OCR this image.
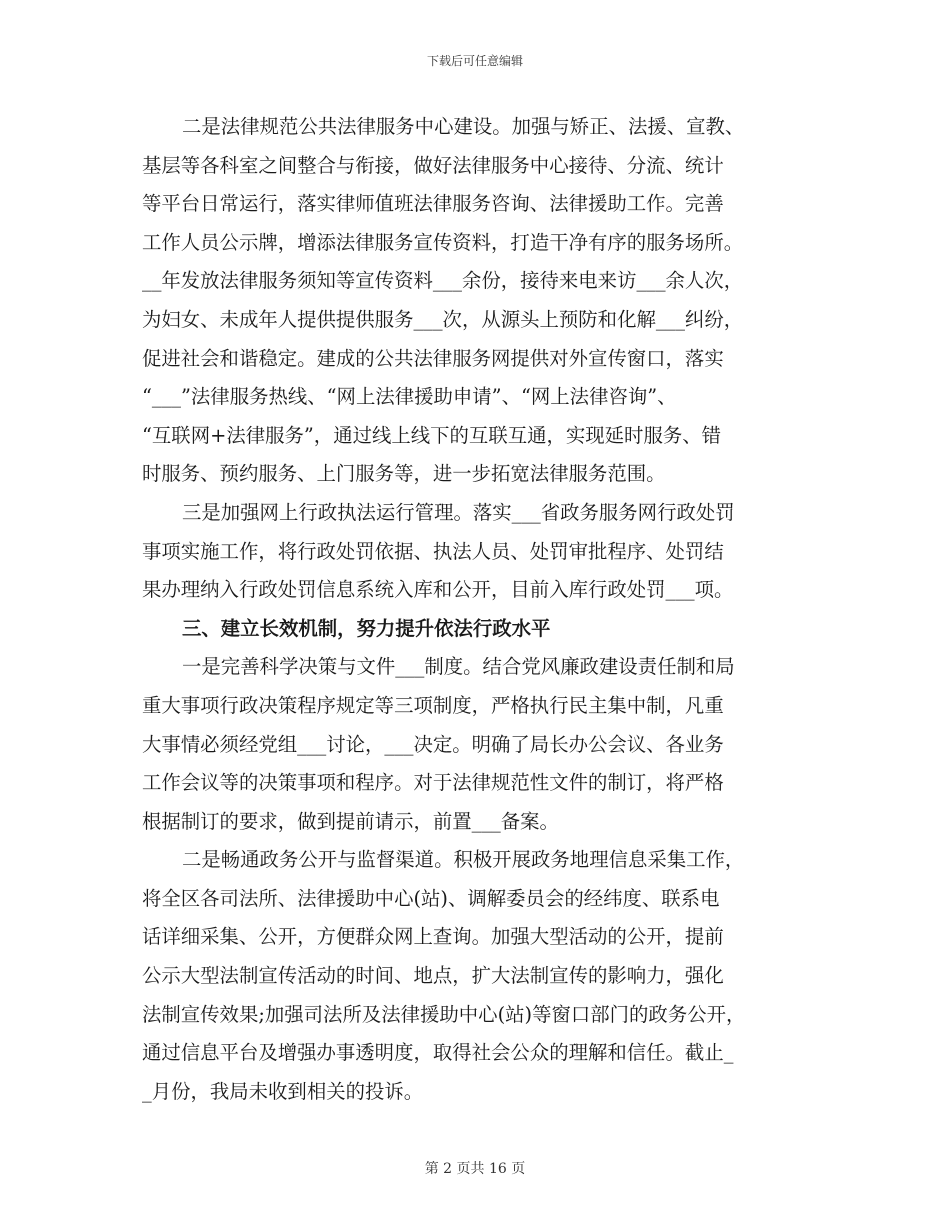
下载后可任意编辑
二是法律规范公共法律服务中心建设。加强与矫正、法援、宣教、
基层等各科室之间整合与衔接，做好法律服务中心接待、分流、统计
等平台日常运行，落实律师值班法律服务咨询、法律援助工作。完善
工作人员公示牌，增添法律服务宣传资料，打造干净有序的服务场所。
__年发放法律服务须知等宣传资料___余份，接待来电来访___余人次，
为妇女、未成年人提供提供服务___次，从源头上预防和化解___纠纷，
促进社会和谐稳定。建成的公共法律服务网提供对外宣传窗口，落实
“___”法律服务热线、“网上法律援助申请”、“网上法律咨询”、
“互联网+法律服务”，通过线上线下的互联互通，实现延时服务、错
时服务、预约服务、上门服务等，进一步拓宽法律服务范围。
三是加强网上行政执法运行管理。落实___省政务服务网行政处罚
事项实施工作，将行政处罚依据、执法人员、处罚审批程序、处罚结
果办理纳入行政处罚信息系统入库和公开，目前入库行政处罚___项。
三、建立长效机制，努力提升依法行政水平
一是完善科学决策与文件___制度。结合党风廉政建设责任制和局
重大事项行政决策程序规定等三项制度，严格执行民主集中制，凡重
大事情必须经党组___讨论，___决定。明确了局长办公会议、各业务
工作会议等的决策事项和程序。对于法律规范性文件的制订，将严格
根据制订的要求，做到提前请示，前置___备案。
二是畅通政务公开与监督渠道。积极开展政务地理信息采集工作，
将全区各司法所、法律援助中心(站)、调解委员会的经纬度、联系电
话详细采集、公开，方便群众网上查询。加强大型活动的公开，提前
公示大型法制宣传活动的时间、地点，扩大法制宣传的影响力，强化
法制宣传效果;加强司法所及法律援助中心(站)等窗口部门的政务公开，
通过信息平台及增强办事透明度，取得社会公众的理解和信任。截止_
_月份，我局未收到相关的投诉。
第 2 页共 16 页
